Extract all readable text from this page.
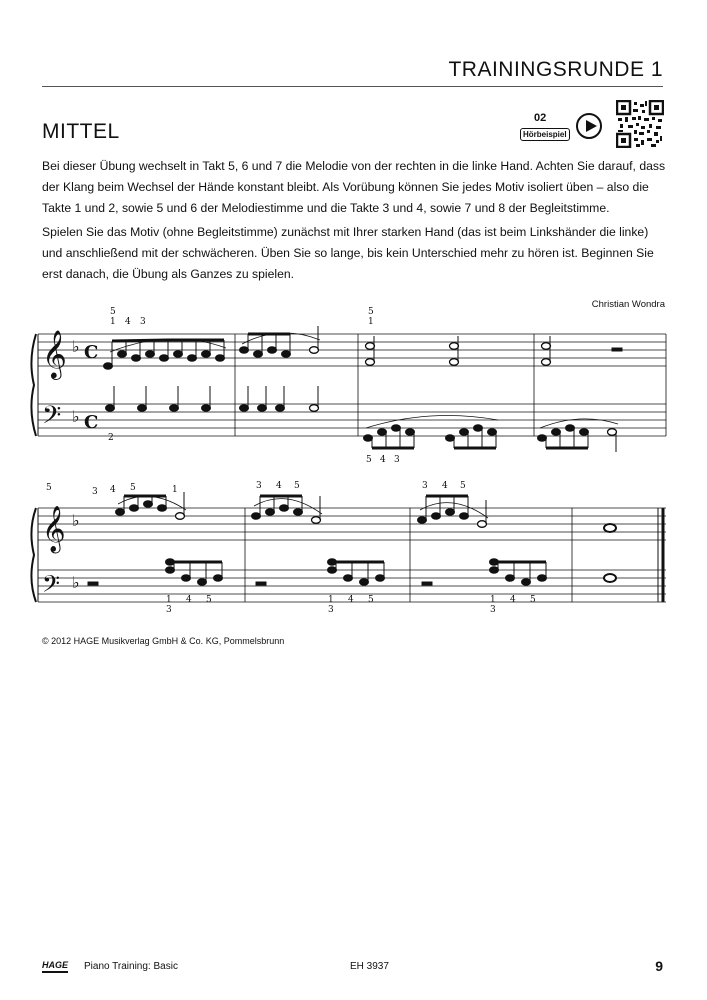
TRAININGSRUNDE 1
MITTEL
02
Hörbeispiel
Bei dieser Übung wechselt in Takt 5, 6 und 7 die Melodie von der rechten in die linke Hand. Achten Sie darauf, dass der Klang beim Wechsel der Hände konstant bleibt. Als Vorübung können Sie jedes Motiv isoliert üben – also die Takte 1 und 2, sowie 5 und 6 der Melodiestimme und die Takte 3 und 4, sowie 7 und 8 der Begleitstimme.
Spielen Sie das Motiv (ohne Begleitstimme) zunächst mit Ihrer starken Hand (das ist beim Linkshänder die linke) und anschließend mit der schwächeren. Üben Sie so lange, bis kein Unterschied mehr zu hören ist. Beginnen Sie erst danach, die Übung als Ganzes zu spielen.
Christian Wondra
𝄞
𝄢
♭
♭
C
C
5
1 4 3
2
5
1
5 4 3
𝄞
𝄢
♭
♭
5	3 4 5	1	3 4 5	3 4 5
1
3
4 5	1
3
4 5	1
3
4 5
© 2012 HAGE Musikverlag GmbH & Co. KG, Pommelsbrunn
HAGE Piano Training: Basic	EH 3937	9
